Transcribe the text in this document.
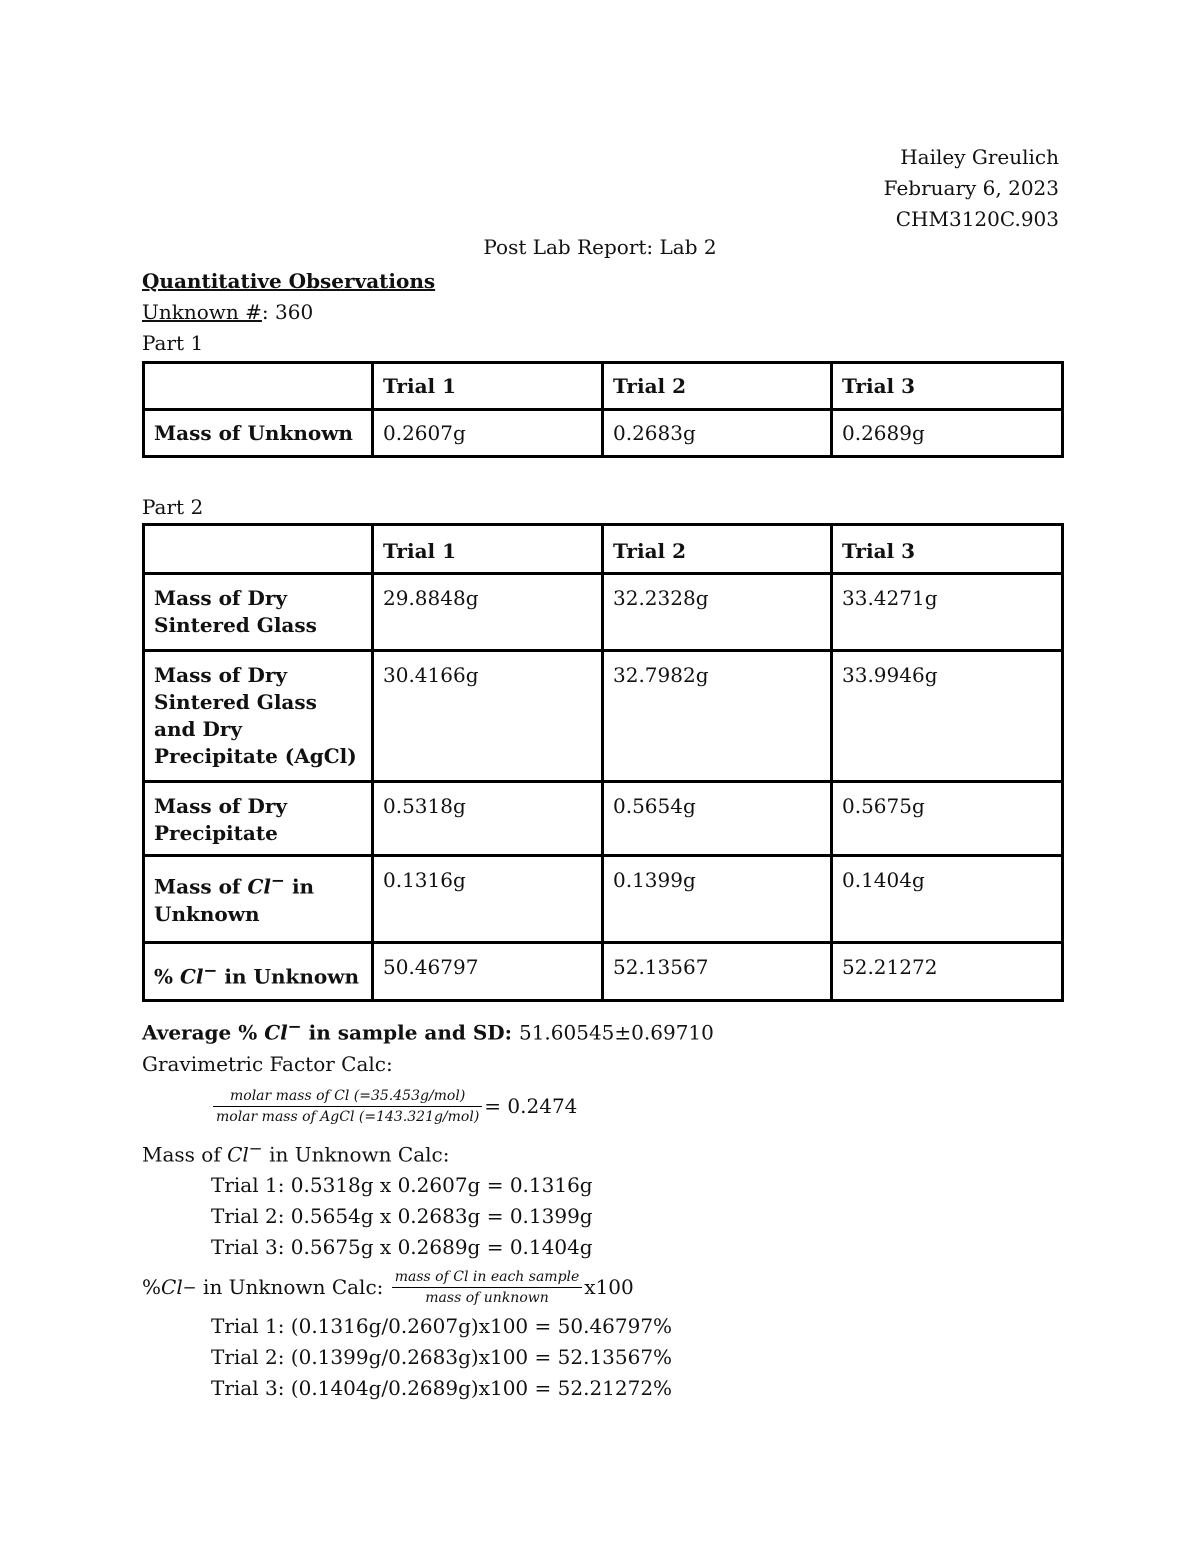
Hailey Greulich
February 6, 2023
CHM3120C.903
Post Lab Report: Lab 2
Quantitative Observations
Unknown #: 360
Part 1
	Trial 1	Trial 2	Trial 3
Mass of Unknown	0.2607g	0.2683g	0.2689g
Part 2
	Trial 1	Trial 2	Trial 3
Mass of Dry Sintered Glass	29.8848g	32.2328g	33.4271g
Mass of Dry Sintered Glass and Dry Precipitate (AgCl)	30.4166g	32.7982g	33.9946g
Mass of Dry Precipitate	0.5318g	0.5654g	0.5675g
Mass of Cl− in Unknown	0.1316g	0.1399g	0.1404g
% Cl− in Unknown	50.46797	52.13567	52.21272
Average % Cl− in sample and SD: 51.60545±0.69710
Gravimetric Factor Calc:
$\frac{\text{molar mass of Cl (=35.453g/mol)}}{\text{molar mass of AgCl (=143.321g/mol)}} = 0.2474$
Mass of Cl− in Unknown Calc:
Trial 1: 0.5318g x 0.2607g = 0.1316g
Trial 2: 0.5654g x 0.2683g = 0.1399g
Trial 3: 0.5675g x 0.2689g = 0.1404g
% Cl − in Unknown Calc: $\frac{\text{mass of Cl in each sample}}{\text{mass of unknown}} x100$
Trial 1: (0.1316g/0.2607g)x100 = 50.46797%
Trial 2: (0.1399g/0.2683g)x100 = 52.13567%
Trial 3: (0.1404g/0.2689g)x100 = 52.21272%
